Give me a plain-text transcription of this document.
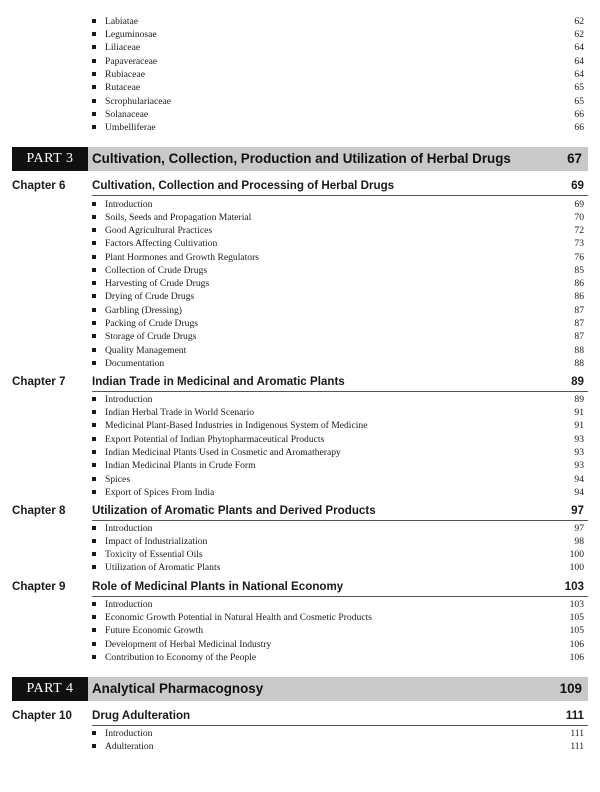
Labiatae	62
Leguminosae	62
Liliaceae	64
Papaveraceae	64
Rubiaceae	64
Rutaceae	65
Scrophulariaceae	65
Solanaceae	66
Umbelliferae	66
PART 3	Cultivation, Collection, Production and Utilization of Herbal Drugs	67
Chapter 6 Cultivation, Collection and Processing of Herbal Drugs	69
Introduction	69
Soils, Seeds and Propagation Material	70
Good Agricultural Practices	72
Factors Affecting Cultivation	73
Plant Hormones and Growth Regulators	76
Collection of Crude Drugs	85
Harvesting of Crude Drugs	86
Drying of Crude Drugs	86
Garbling (Dressing)	87
Packing of Crude Drugs	87
Storage of Crude Drugs	87
Quality Management	88
Documentation	88
Chapter 7 Indian Trade in Medicinal and Aromatic Plants	89
Introduction	89
Indian Herbal Trade in World Scenario	91
Medicinal Plant-Based Industries in Indigenous System of Medicine	91
Export Potential of Indian Phytopharmaceutical Products	93
Indian Medicinal Plants Used in Cosmetic and Aromatherapy	93
Indian Medicinal Plants in Crude Form	93
Spices	94
Export of Spices From India	94
Chapter 8 Utilization of Aromatic Plants and Derived Products	97
Introduction	97
Impact of Industrialization	98
Toxicity of Essential Oils	100
Utilization of Aromatic Plants	100
Chapter 9 Role of Medicinal Plants in National Economy	103
Introduction	103
Economic Growth Potential in Natural Health and Cosmetic Products	105
Future Economic Growth	105
Development of Herbal Medicinal Industry	106
Contribution to Economy of the People	106
PART 4	Analytical Pharmacognosy	109
Chapter 10 Drug Adulteration	111
Introduction	111
Adulteration	111
